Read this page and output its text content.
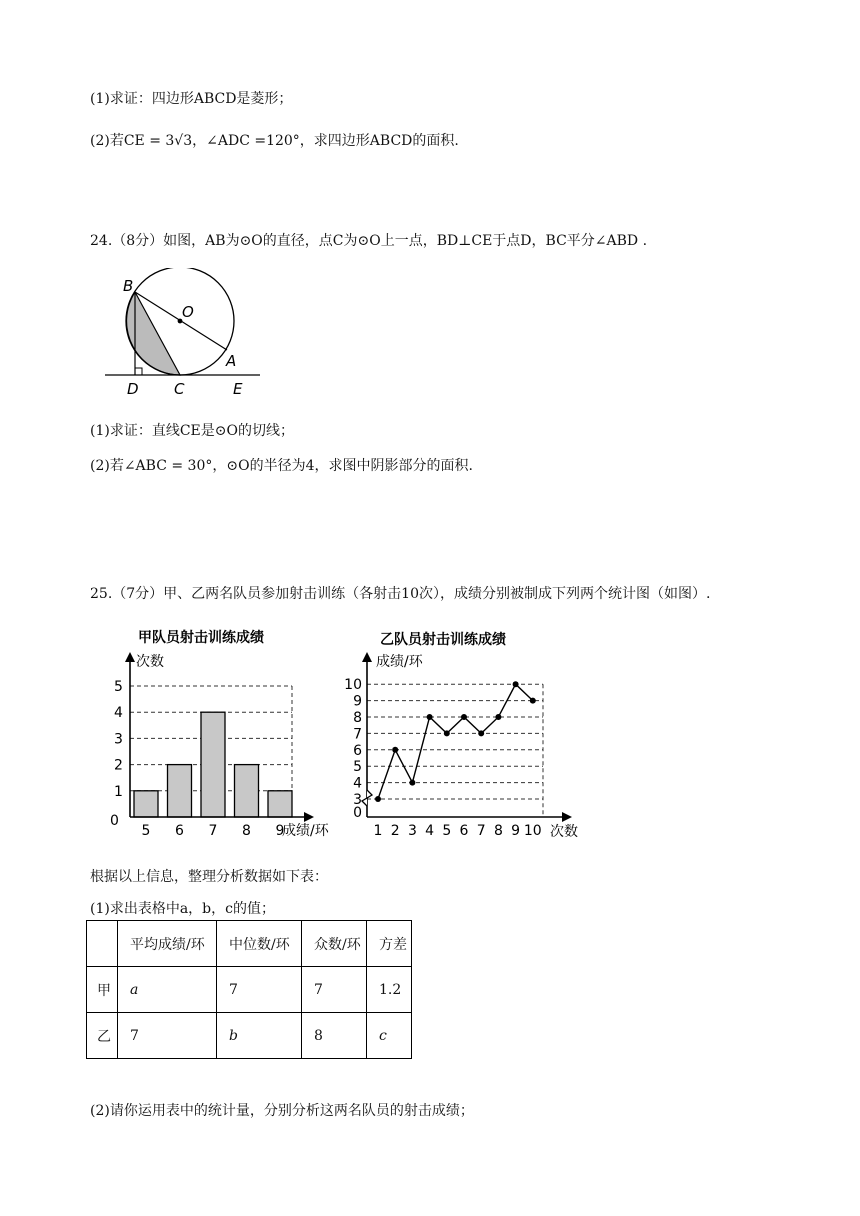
(1)求证：四边形ABCD是菱形；
(2)若CE = 3√3，∠ADC =120°，求四边形ABCD的面积.
24.（8分）如图，AB为⊙O的直径，点C为⊙O上一点，BD⊥CE于点D，BC平分∠ABD .
B
O
A
D C	E
(1)求证：直线CE是⊙O的切线；
(2)若∠ABC = 30°，⊙O的半径为4，求图中阴影部分的面积.
25.（7分）甲、乙两名队员参加射击训练（各射击10次），成绩分别被制成下列两个统计图（如图）.
甲队员射击训练成绩
次数
0
1
2
3
4
5
5 6 7 8 9
成绩/环
乙队员射击训练成绩
成绩/环
0
3
4
5
6
7
8
9
10
1 2 3 4 5 6 7 8 9 10 次数
根据以上信息，整理分析数据如下表：
(1)求出表格中a，b，c的值；
	平均成绩/环	中位数/环	众数/环	方差
甲	a	7	7	1.2
乙	7	b	8	c
(2)请你运用表中的统计量，分别分析这两名队员的射击成绩；
